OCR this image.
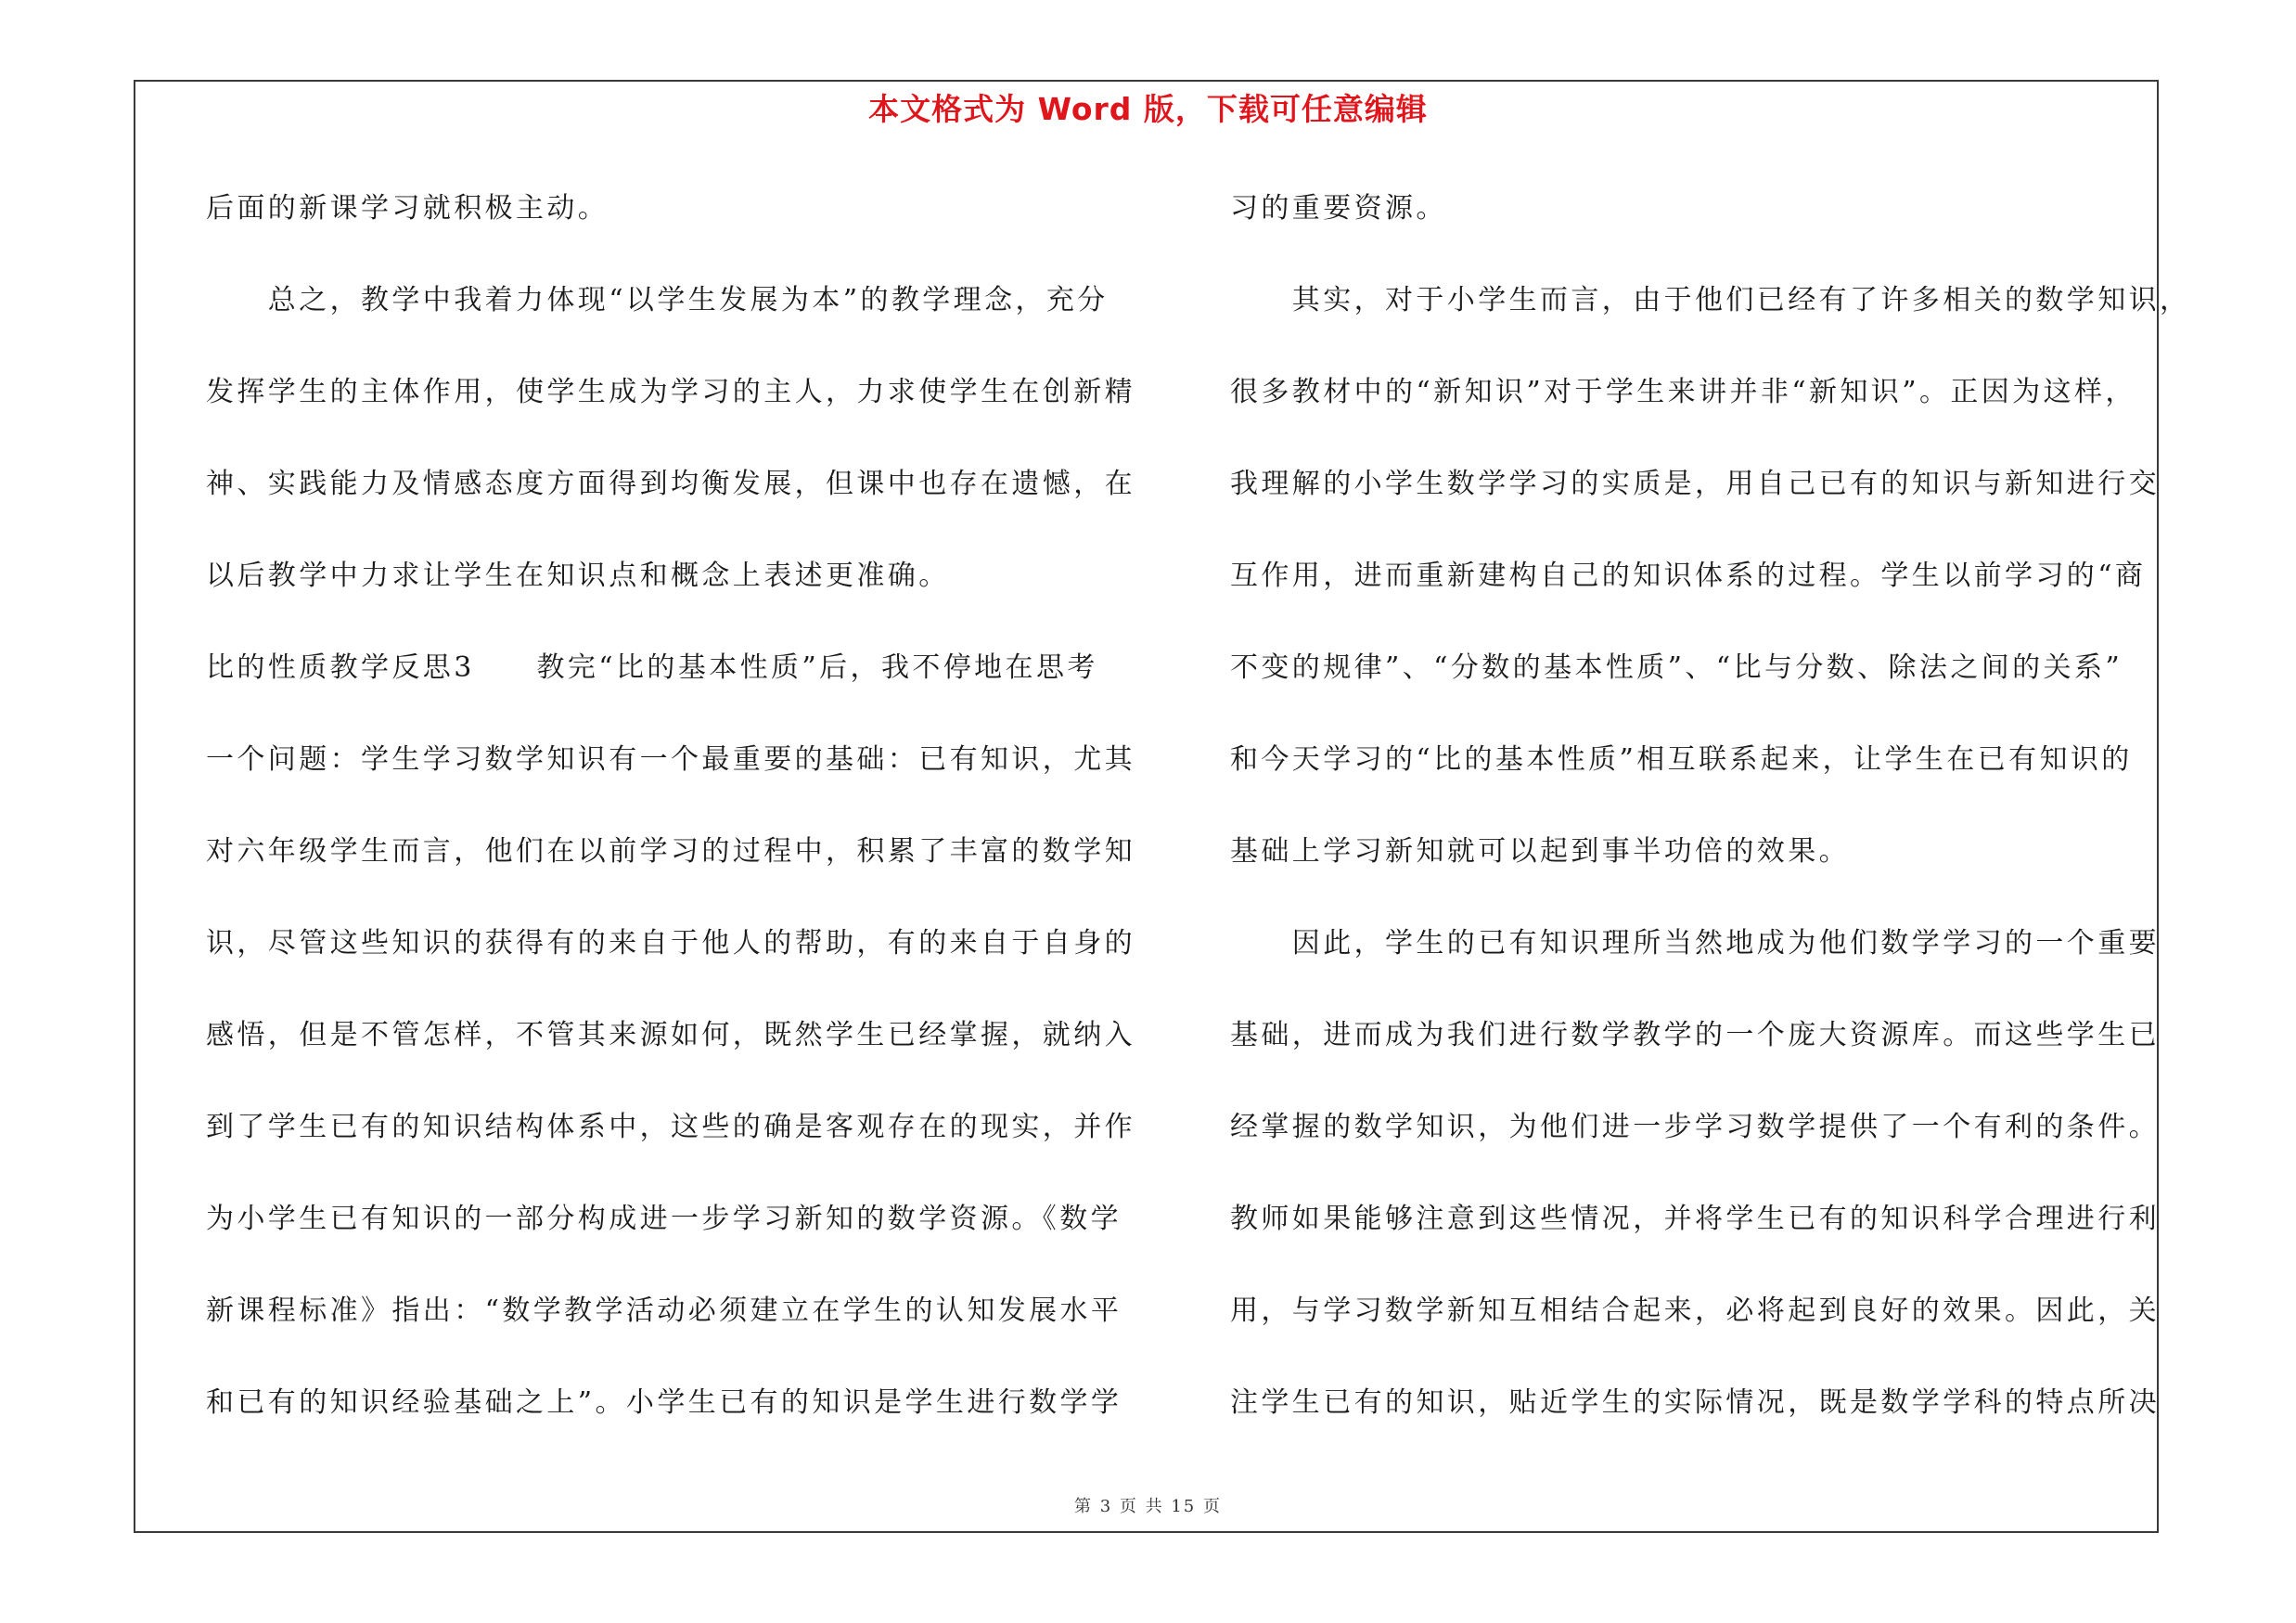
本文格式为 Word 版，下载可任意编辑
后面的新课学习就积极主动。
　　总之，教学中我着力体现“以学生发展为本”的教学理念，充分
发挥学生的主体作用，使学生成为学习的主人，力求使学生在创新精
神、实践能力及情感态度方面得到均衡发展，但课中也存在遗憾，在
以后教学中力求让学生在知识点和概念上表述更准确。
比的性质教学反思3　　教完“比的基本性质”后，我不停地在思考
一个问题：学生学习数学知识有一个最重要的基础：已有知识，尤其
对六年级学生而言，他们在以前学习的过程中，积累了丰富的数学知
识，尽管这些知识的获得有的来自于他人的帮助，有的来自于自身的
感悟，但是不管怎样，不管其来源如何，既然学生已经掌握，就纳入
到了学生已有的知识结构体系中，这些的确是客观存在的现实，并作
为小学生已有知识的一部分构成进一步学习新知的数学资源。《数学
新课程标准》指出：“数学教学活动必须建立在学生的认知发展水平
和已有的知识经验基础之上”。小学生已有的知识是学生进行数学学
习的重要资源。
　　其实，对于小学生而言，由于他们已经有了许多相关的数学知识，
很多教材中的“新知识”对于学生来讲并非“新知识”。正因为这样，
我理解的小学生数学学习的实质是，用自己已有的知识与新知进行交
互作用，进而重新建构自己的知识体系的过程。学生以前学习的“商
不变的规律”、“分数的基本性质”、“比与分数、除法之间的关系”
和今天学习的“比的基本性质”相互联系起来，让学生在已有知识的
基础上学习新知就可以起到事半功倍的效果。
　　因此，学生的已有知识理所当然地成为他们数学学习的一个重要
基础，进而成为我们进行数学教学的一个庞大资源库。而这些学生已
经掌握的数学知识，为他们进一步学习数学提供了一个有利的条件。
教师如果能够注意到这些情况，并将学生已有的知识科学合理进行利
用，与学习数学新知互相结合起来，必将起到良好的效果。因此，关
注学生已有的知识，贴近学生的实际情况，既是数学学科的特点所决
第 3 页 共 15 页
